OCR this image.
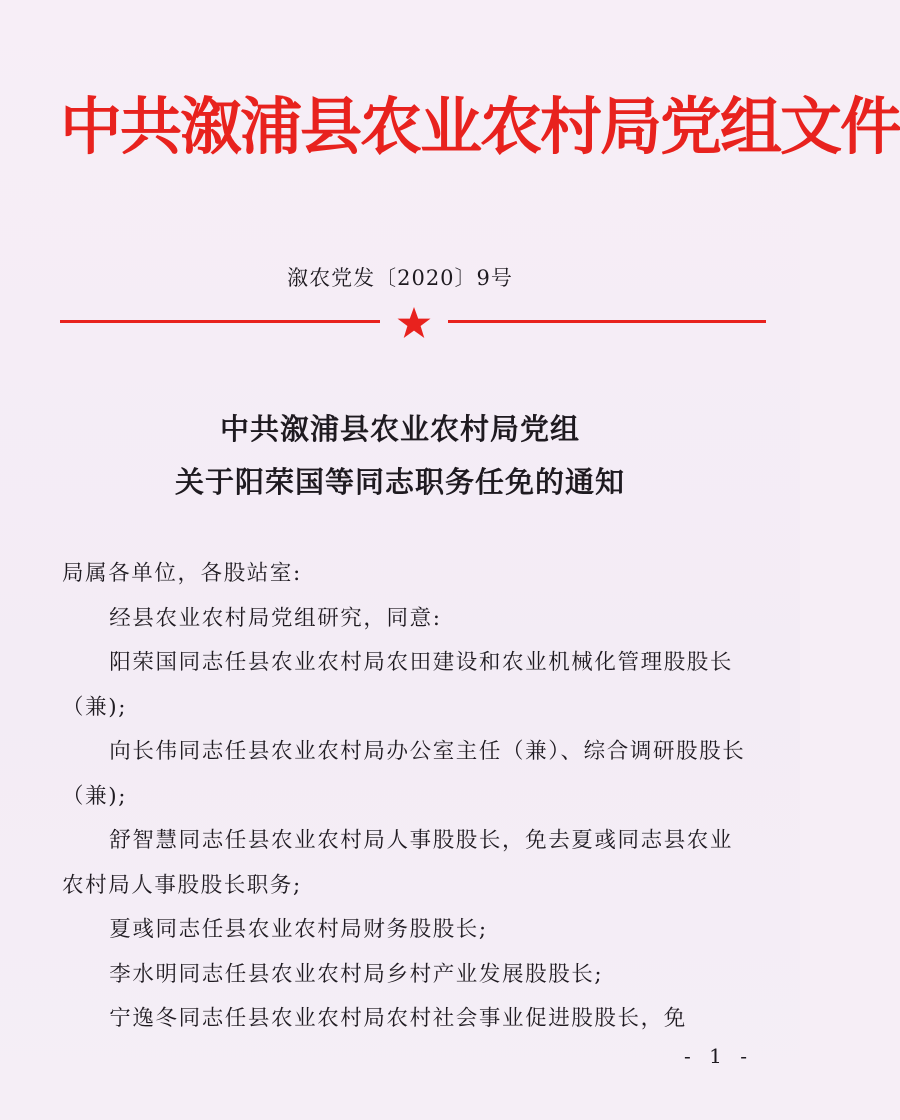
中共溆浦县农业农村局党组文件
溆农党发〔2020〕9号
中共溆浦县农业农村局党组
关于阳荣国等同志职务任免的通知

局属各单位，各股站室:

经县农业农村局党组研究，同意:

阳荣国同志任县农业农村局农田建设和农业机械化管理股股长（兼);

向长伟同志任县农业农村局办公室主任（兼）、综合调研股股长（兼);

舒智慧同志任县农业农村局人事股股长，免去夏彧同志县农业农村局人事股股长职务;

夏彧同志任县农业农村局财务股股长;

李水明同志任县农业农村局乡村产业发展股股长;

宁逸冬同志任县农业农村局农村社会事业促进股股长，免

- 1 -
